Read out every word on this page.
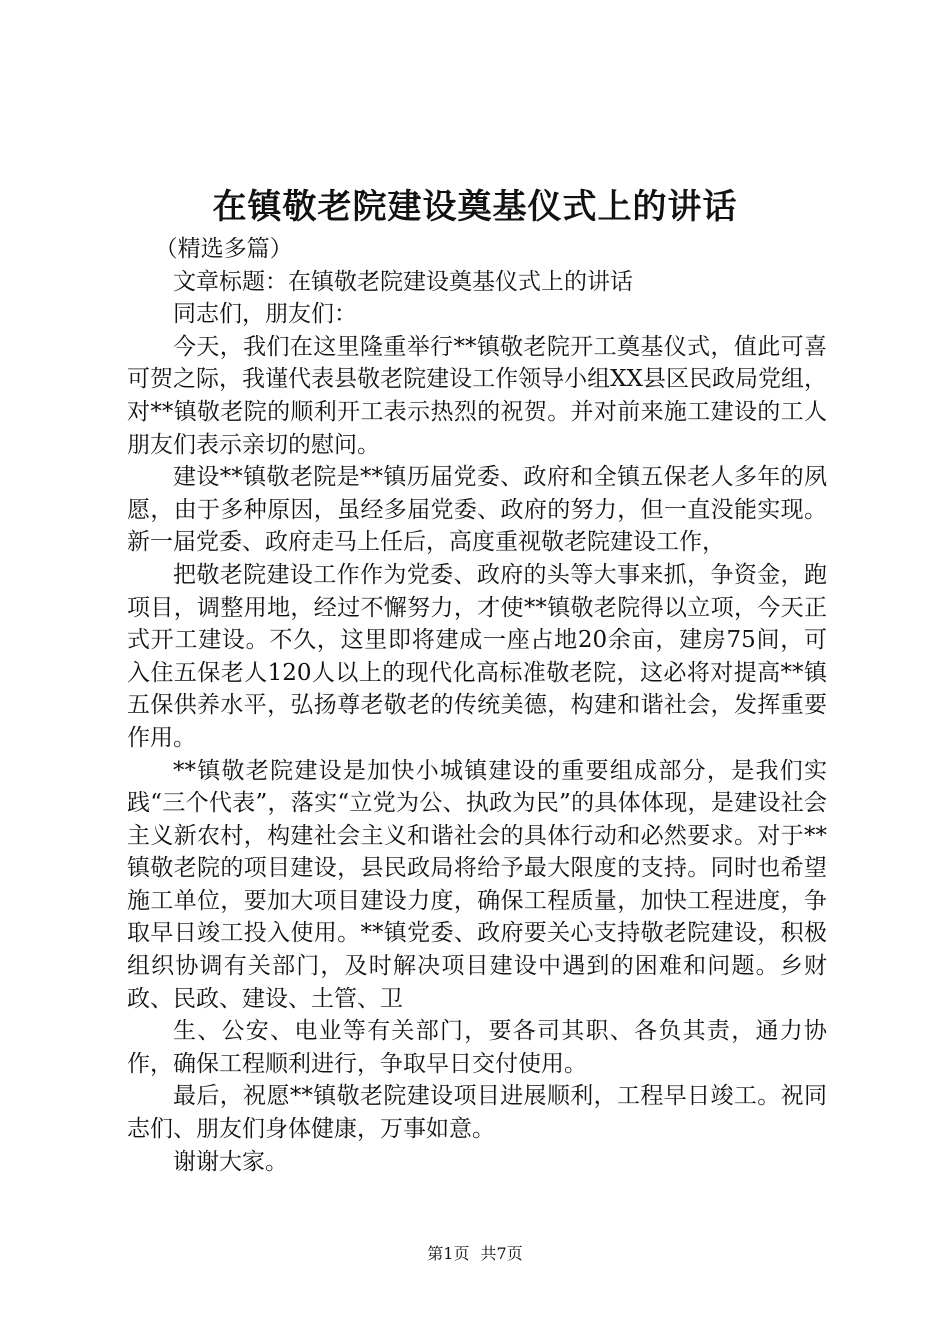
在镇敬老院建设奠基仪式上的讲话

（精选多篇）

文章标题：在镇敬老院建设奠基仪式上的讲话

同志们，朋友们：

今天，我们在这里隆重举行**镇敬老院开工奠基仪式，值此可喜可贺之际，我谨代表县敬老院建设工作领导小组XX县区民政局党组，对**镇敬老院的顺利开工表示热烈的祝贺。并对前来施工建设的工人朋友们表示亲切的慰问。

建设**镇敬老院是**镇历届党委、政府和全镇五保老人多年的夙愿，由于多种原因，虽经多届党委、政府的努力，但一直没能实现。新一届党委、政府走马上任后，高度重视敬老院建设工作，

把敬老院建设工作作为党委、政府的头等大事来抓，争资金，跑项目，调整用地，经过不懈努力，才使**镇敬老院得以立项，今天正式开工建设。不久，这里即将建成一座占地20余亩，建房75间，可入住五保老人120人以上的现代化高标准敬老院，这必将对提高**镇五保供养水平，弘扬尊老敬老的传统美德，构建和谐社会，发挥重要作用。

**镇敬老院建设是加快小城镇建设的重要组成部分，是我们实践“三个代表”，落实“立党为公、执政为民”的具体体现，是建设社会主义新农村，构建社会主义和谐社会的具体行动和必然要求。对于**镇敬老院的项目建设，县民政局将给予最大限度的支持。同时也希望施工单位，要加大项目建设力度，确保工程质量，加快工程进度，争取早日竣工投入使用。**镇党委、政府要关心支持敬老院建设，积极组织协调有关部门，及时解决项目建设中遇到的困难和问题。乡财政、民政、建设、土管、卫

生、公安、电业等有关部门，要各司其职、各负其责，通力协作，确保工程顺利进行，争取早日交付使用。

最后，祝愿**镇敬老院建设项目进展顺利，工程早日竣工。祝同志们、朋友们身体健康，万事如意。

谢谢大家。

第1页 共7页
